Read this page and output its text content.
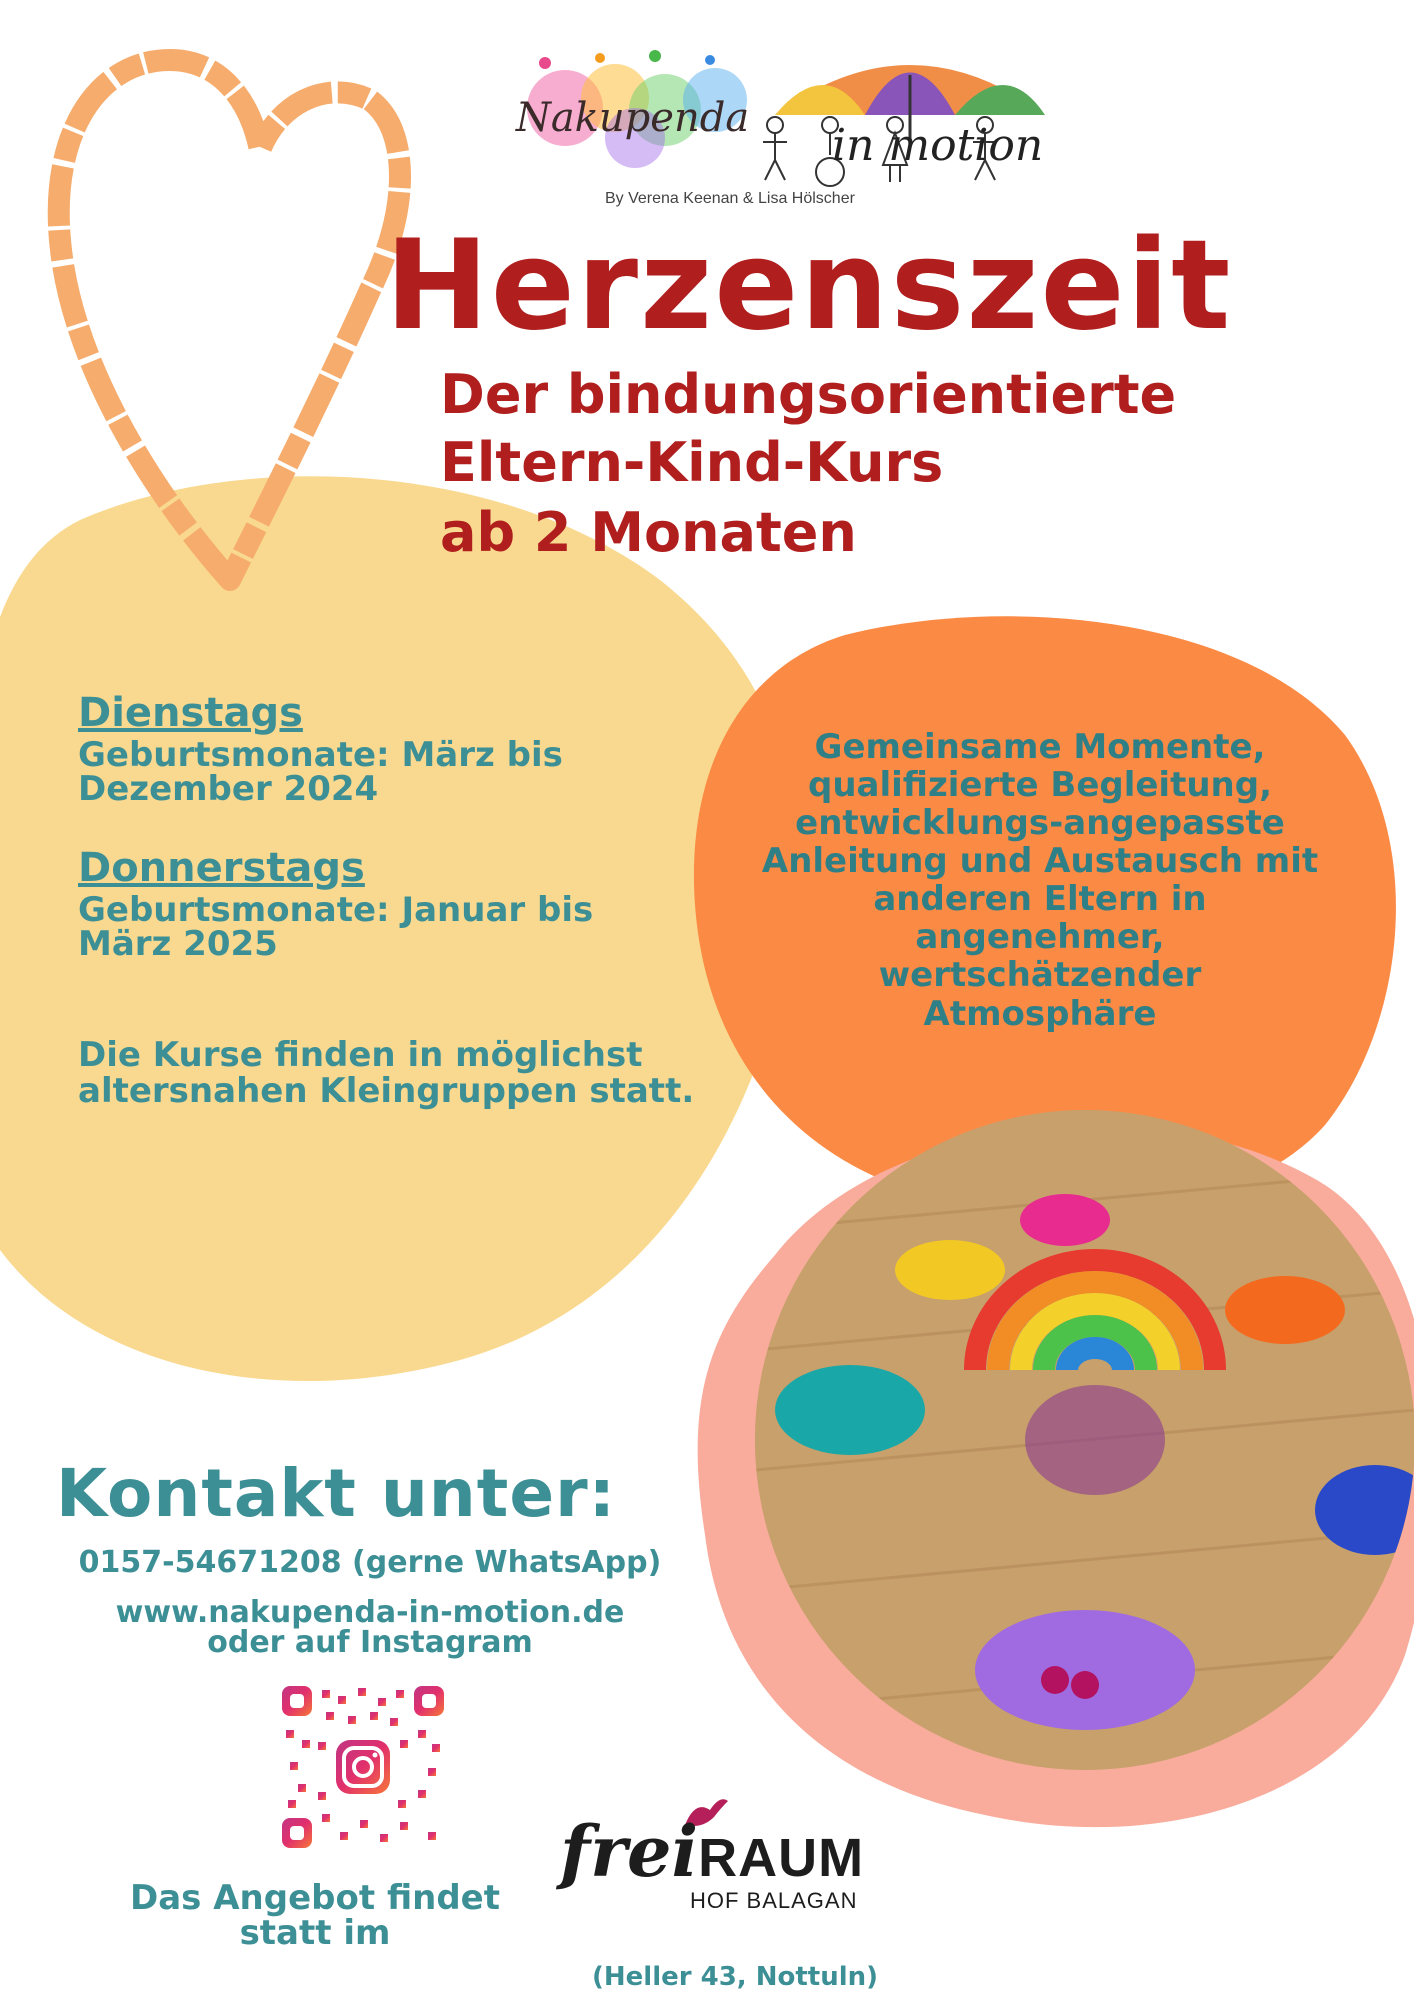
Nakupenda
in motion
By Verena Keenan & Lisa Hölscher
Herzenszeit
Der bindungsorientierte
Eltern-Kind-Kurs
ab 2 Monaten
Dienstags
Geburtsmonate: März bis Dezember 2024
Donnerstags
Geburtsmonate: Januar bis März 2025
Die Kurse finden in möglichst altersnahen Kleingruppen statt.
Gemeinsame Momente, qualifizierte Begleitung, entwicklungs-angepasste Anleitung und Austausch mit anderen Eltern in angenehmer, wertschätzender Atmosphäre
Kontakt unter:
0157-54671208 (gerne WhatsApp)
www.nakupenda-in-motion.de
oder auf Instagram
Das Angebot findet
statt im
freiRAUM
HOF BALAGAN
(Heller 43, Nottuln)
